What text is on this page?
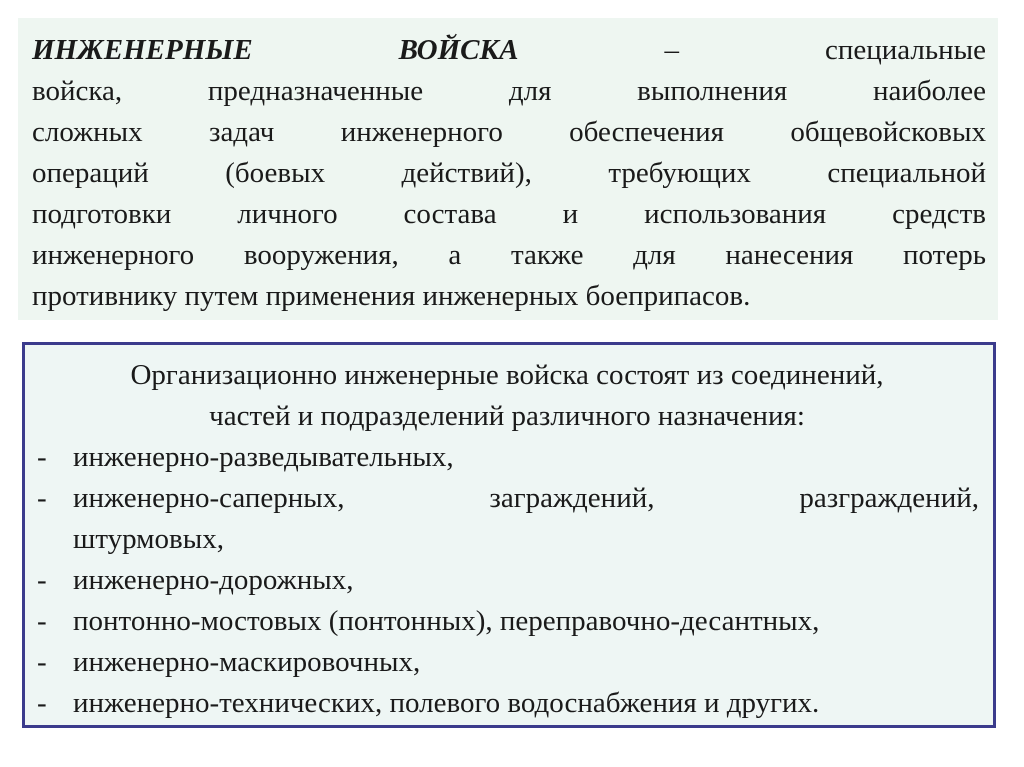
ИНЖЕНЕРНЫЕ	ВОЙСКА	–	специальные
войска,	предназначенные	для	выполнения	наиболее
сложных задач инженерного обеспечения общевойсковых
операций	(боевых	действий),	требующих	специальной
подготовки личного состава и использования средств
инженерного вооружения, а также для нанесения потерь
противнику путем применения инженерных боеприпасов.
Организационно инженерные войска состоят из соединений,
частей и подразделений различного назначения:
- инженерно-разведывательных,
- инженерно-саперных,	заграждений,	разграждений,
штурмовых,
- инженерно-дорожных,
- понтонно-мостовых (понтонных), переправочно-десантных,
- инженерно-маскировочных,
- инженерно-технических, полевого водоснабжения и других.
